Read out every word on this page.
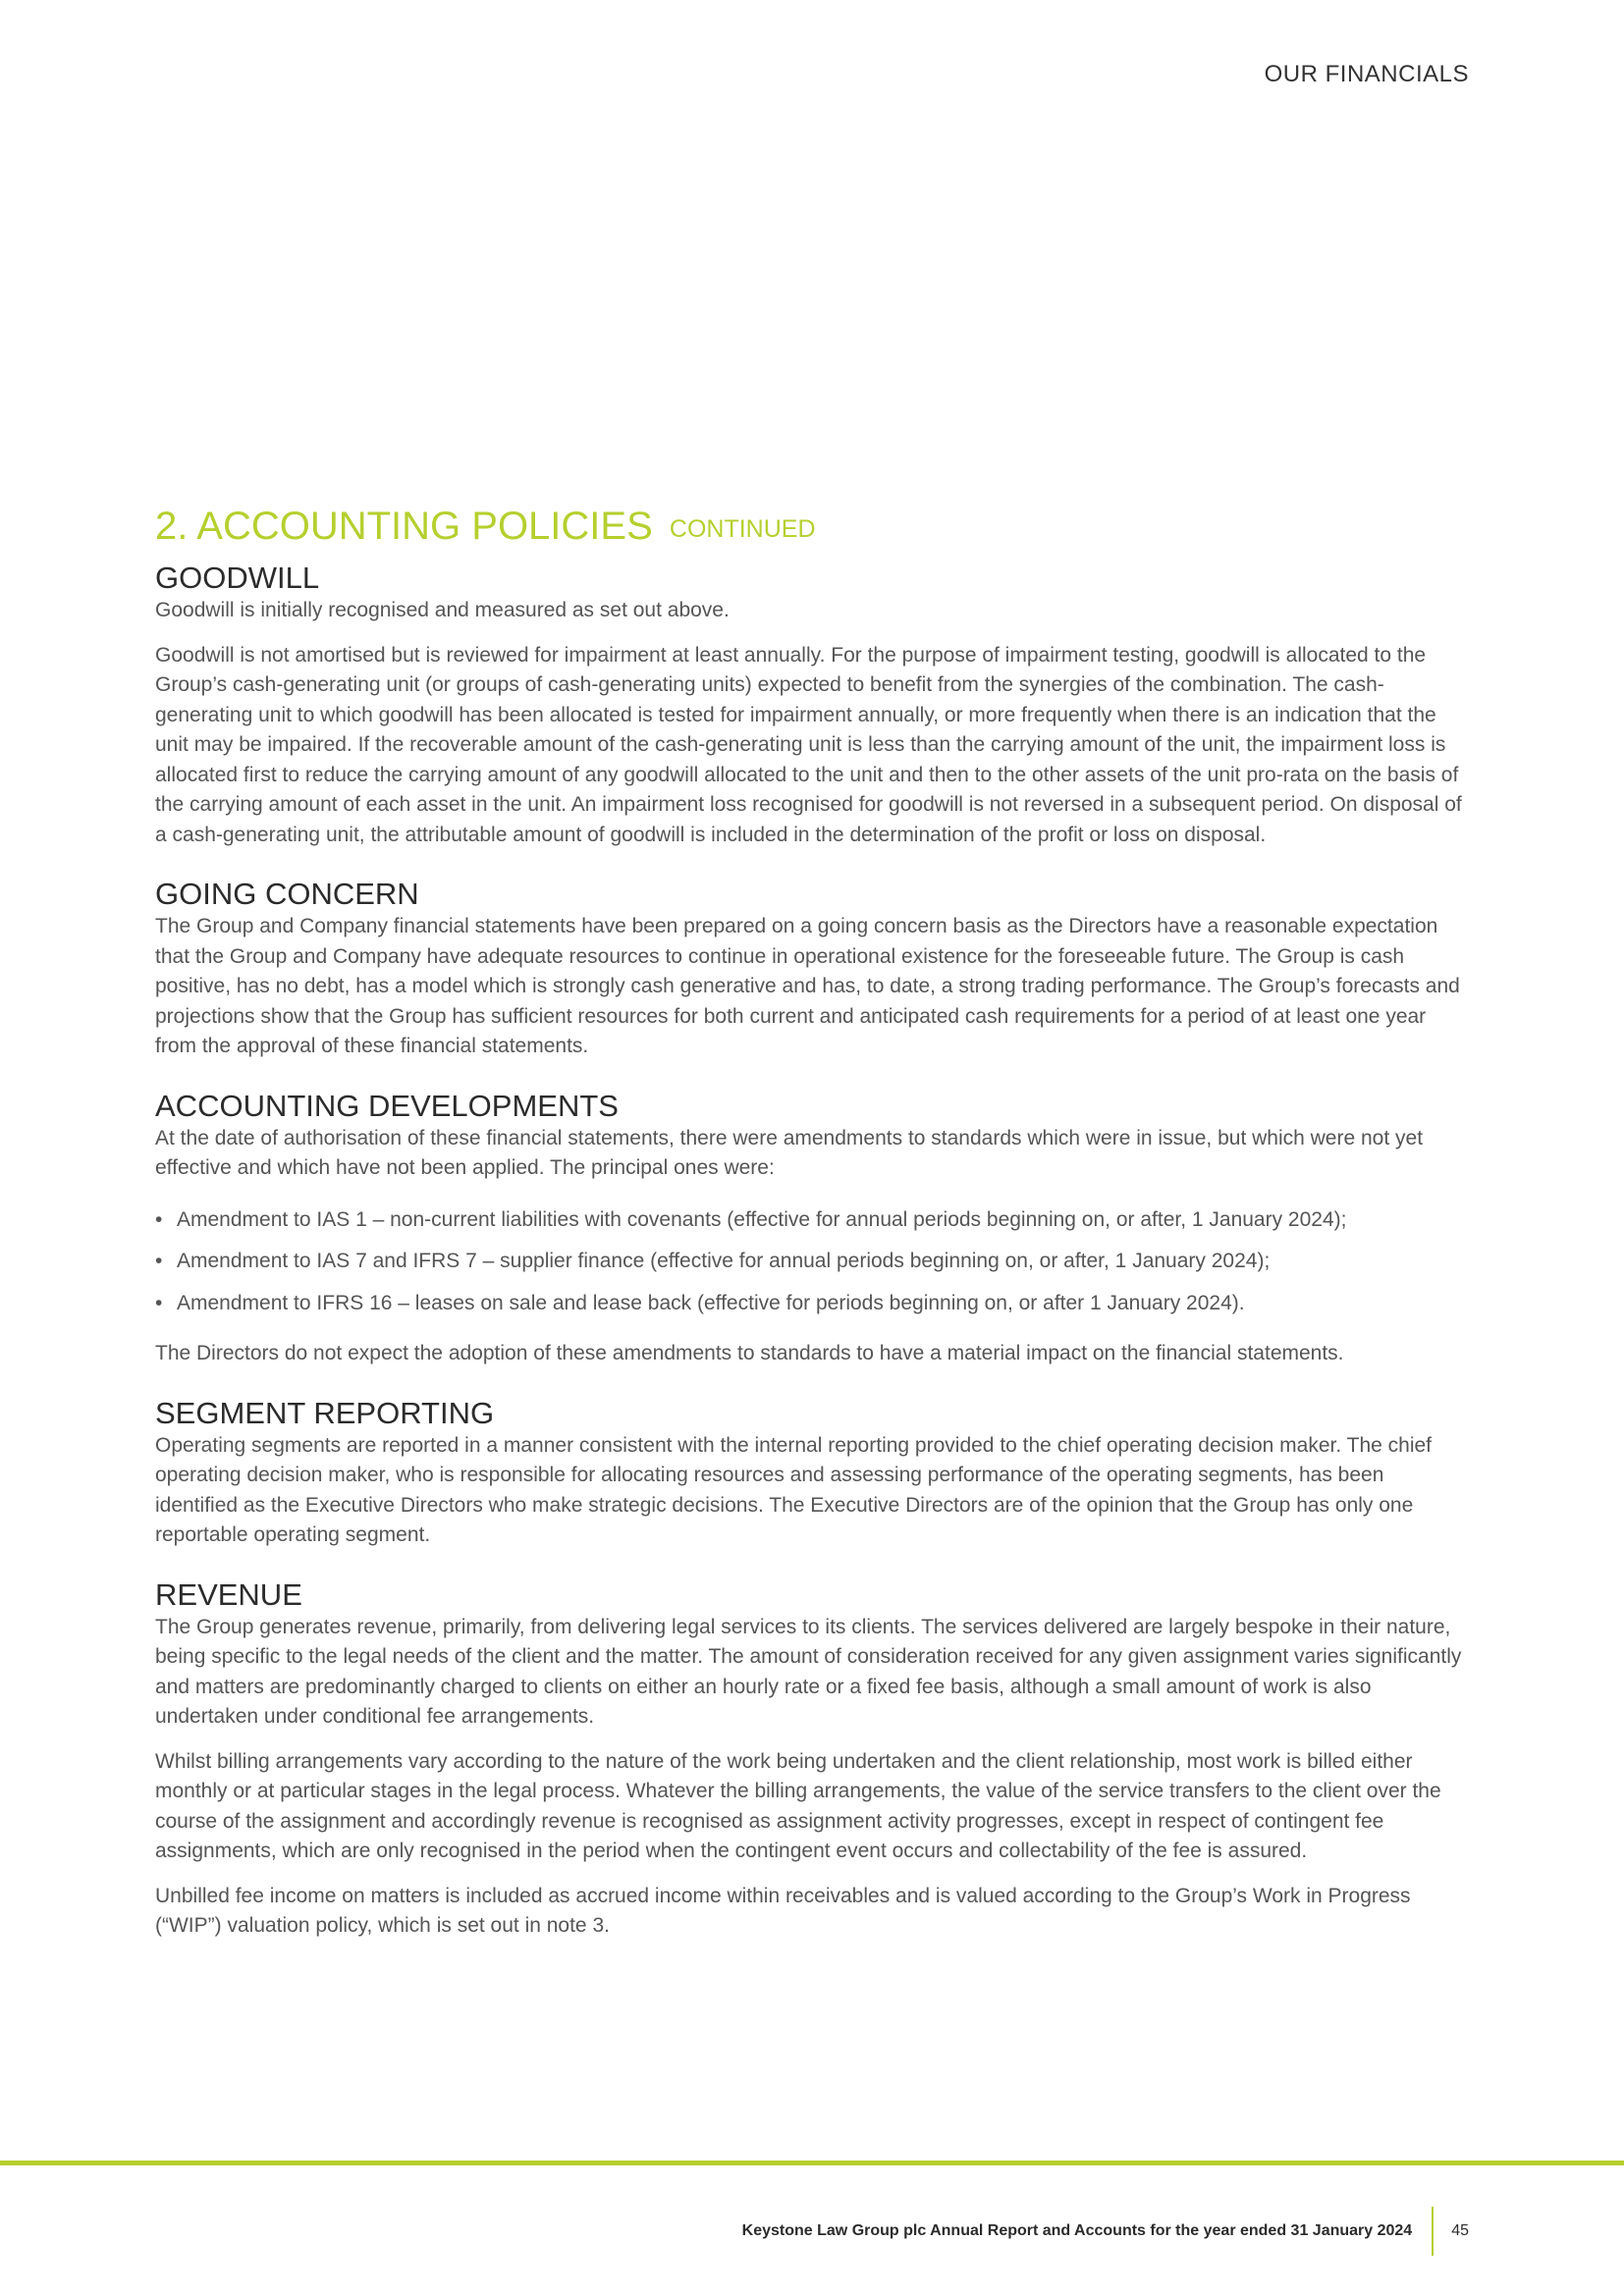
OUR FINANCIALS
2. ACCOUNTING POLICIES CONTINUED
GOODWILL

Goodwill is initially recognised and measured as set out above.

Goodwill is not amortised but is reviewed for impairment at least annually. For the purpose of impairment testing, goodwill is allocated to the Group’s cash-generating unit (or groups of cash-generating units) expected to benefit from the synergies of the combination. The cash-generating unit to which goodwill has been allocated is tested for impairment annually, or more frequently when there is an indication that the unit may be impaired. If the recoverable amount of the cash-generating unit is less than the carrying amount of the unit, the impairment loss is allocated first to reduce the carrying amount of any goodwill allocated to the unit and then to the other assets of the unit pro-rata on the basis of the carrying amount of each asset in the unit. An impairment loss recognised for goodwill is not reversed in a subsequent period. On disposal of a cash-generating unit, the attributable amount of goodwill is included in the determination of the profit or loss on disposal.

GOING CONCERN

The Group and Company financial statements have been prepared on a going concern basis as the Directors have a reasonable expectation that the Group and Company have adequate resources to continue in operational existence for the foreseeable future. The Group is cash positive, has no debt, has a model which is strongly cash generative and has, to date, a strong trading performance. The Group’s forecasts and projections show that the Group has sufficient resources for both current and anticipated cash requirements for a period of at least one year from the approval of these financial statements.

ACCOUNTING DEVELOPMENTS

At the date of authorisation of these financial statements, there were amendments to standards which were in issue, but which were not yet effective and which have not been applied. The principal ones were:

• Amendment to IAS 1 – non-current liabilities with covenants (effective for annual periods beginning on, or after, 1 January 2024);
• Amendment to IAS 7 and IFRS 7 – supplier finance (effective for annual periods beginning on, or after, 1 January 2024);
• Amendment to IFRS 16 – leases on sale and lease back (effective for periods beginning on, or after 1 January 2024).

The Directors do not expect the adoption of these amendments to standards to have a material impact on the financial statements.

SEGMENT REPORTING

Operating segments are reported in a manner consistent with the internal reporting provided to the chief operating decision maker. The chief operating decision maker, who is responsible for allocating resources and assessing performance of the operating segments, has been identified as the Executive Directors who make strategic decisions. The Executive Directors are of the opinion that the Group has only one reportable operating segment.

REVENUE

The Group generates revenue, primarily, from delivering legal services to its clients. The services delivered are largely bespoke in their nature, being specific to the legal needs of the client and the matter. The amount of consideration received for any given assignment varies significantly and matters are predominantly charged to clients on either an hourly rate or a fixed fee basis, although a small amount of work is also undertaken under conditional fee arrangements.

Whilst billing arrangements vary according to the nature of the work being undertaken and the client relationship, most work is billed either monthly or at particular stages in the legal process. Whatever the billing arrangements, the value of the service transfers to the client over the course of the assignment and accordingly revenue is recognised as assignment activity progresses, except in respect of contingent fee assignments, which are only recognised in the period when the contingent event occurs and collectability of the fee is assured.

Unbilled fee income on matters is included as accrued income within receivables and is valued according to the Group’s Work in Progress (“WIP”) valuation policy, which is set out in note 3.

Keystone Law Group plc Annual Report and Accounts for the year ended 31 January 2024	45
